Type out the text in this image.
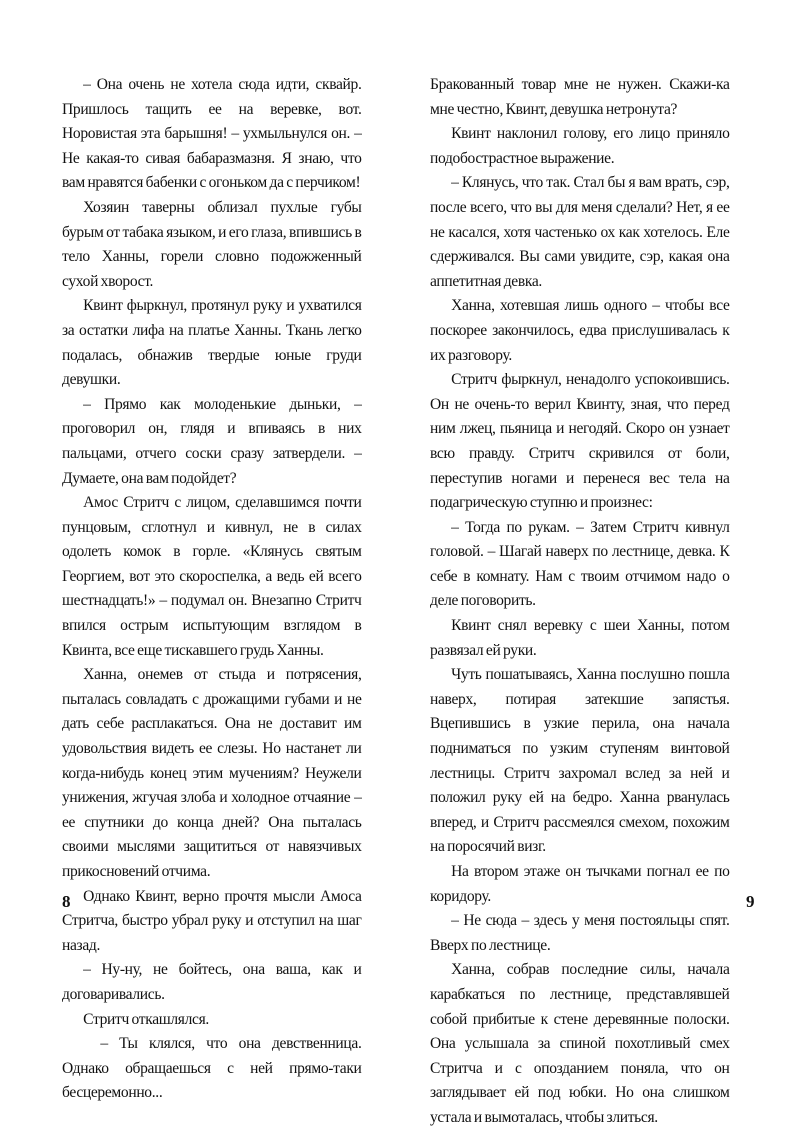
– Она очень не хотела сюда идти, сквайр. Пришлось тащить ее на веревке, вот. Норовистая эта барышня! – ухмыльнулся он. – Не какая-то сивая бабаразмазня. Я знаю, что вам нравятся бабенки с огоньком да с перчиком!

Хозяин таверны облизал пухлые губы бурым от табака языком, и его глаза, впившись в тело Ханны, горели словно подожженный сухой хворост.

Квинт фыркнул, протянул руку и ухватился за остатки лифа на платье Ханны. Ткань легко подалась, обнажив твердые юные груди девушки.

– Прямо как молоденькие дыньки, – проговорил он, глядя и впиваясь в них пальцами, отчего соски сразу затвердели. – Думаете, она вам подойдет?

Амос Стритч с лицом, сделавшимся почти пунцовым, сглотнул и кивнул, не в силах одолеть комок в горле. «Клянусь святым Георгием, вот это скороспелка, а ведь ей всего шестнадцать!» – подумал он. Внезапно Стритч впился острым испытующим взглядом в Квинта, все еще тискавшего грудь Ханны.

Ханна, онемев от стыда и потрясения, пыталась совладать с дрожащими губами и не дать себе расплакаться. Она не доставит им удовольствия видеть ее слезы. Но настанет ли когда-нибудь конец этим мучениям? Неужели унижения, жгучая злоба и холодное отчаяние – ее спутники до конца дней? Она пыталась своими мыслями защититься от навязчивых прикосновений отчима.

Однако Квинт, верно прочтя мысли Амоса Стритча, быстро убрал руку и отступил на шаг назад.

– Ну-ну, не бойтесь, она ваша, как и договаривались.

Стритч откашлялся.

– Ты клялся, что она девственница. Однако обращаешься с ней прямо-таки бесцеремонно...

8

Бракованный товар мне не нужен. Скажи-ка мне честно, Квинт, девушка нетронута?

Квинт наклонил голову, его лицо приняло подобострастное выражение.

– Клянусь, что так. Стал бы я вам врать, сэр, после всего, что вы для меня сделали? Нет, я ее не касался, хотя частенько ох как хотелось. Еле сдерживался. Вы сами увидите, сэр, какая она аппетитная девка.

Ханна, хотевшая лишь одного – чтобы все поскорее закончилось, едва прислушивалась к их разговору.

Стритч фыркнул, ненадолго успокоившись. Он не очень-то верил Квинту, зная, что перед ним лжец, пьяница и негодяй. Скоро он узнает всю правду. Стритч скривился от боли, переступив ногами и перенеся вес тела на подагрическую ступню и произнес:

– Тогда по рукам. – Затем Стритч кивнул головой. – Шагай наверх по лестнице, девка. К себе в комнату. Нам с твоим отчимом надо о деле поговорить.

Квинт снял веревку с шеи Ханны, потом развязал ей руки.

Чуть пошатываясь, Ханна послушно пошла наверх, потирая затекшие запястья. Вцепившись в узкие перила, она начала подниматься по узким ступеням винтовой лестницы. Стритч захромал вслед за ней и положил руку ей на бедро. Ханна рванулась вперед, и Стритч рассмеялся смехом, похожим на поросячий визг.

На втором этаже он тычками погнал ее по коридору.

– Не сюда – здесь у меня постояльцы спят. Вверх по лестнице.

Ханна, собрав последние силы, начала карабкаться по лестнице, представлявшей собой прибитые к стене деревянные полоски. Она услышала за спиной похотливый смех Стритча и с опозданием поняла, что он заглядывает ей под юбки. Но она слишком устала и вымоталась, чтобы злиться.

9
